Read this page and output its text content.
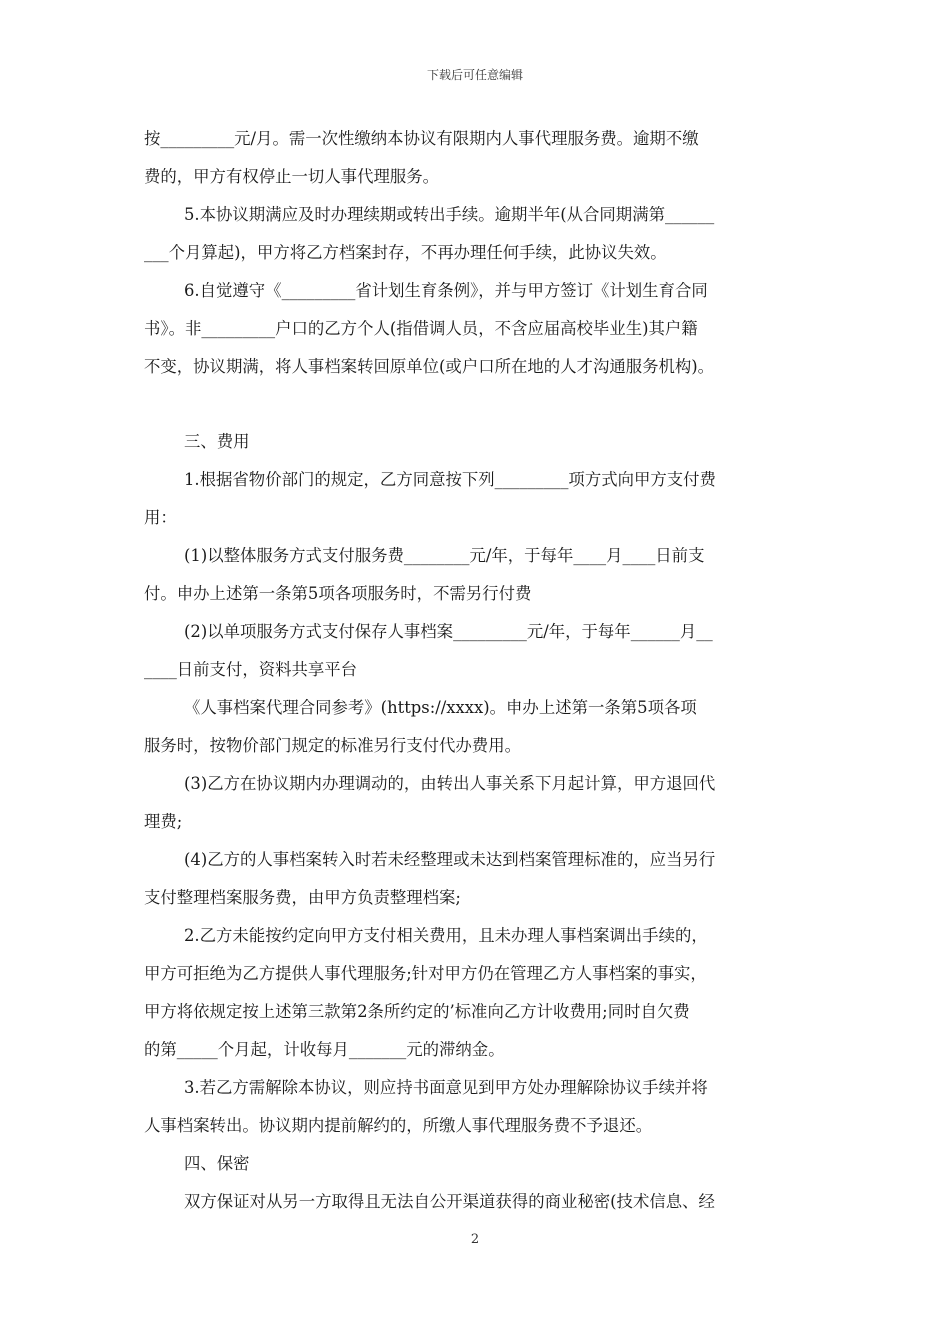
下载后可任意编辑
按_________元/月。需一次性缴纳本协议有限期内人事代理服务费。逾期不缴
费的，甲方有权停止一切人事代理服务。
5.本协议期满应及时办理续期或转出手续。逾期半年(从合同期满第______
___个月算起)，甲方将乙方档案封存，不再办理任何手续，此协议失效。
6.自觉遵守《_________省计划生育条例》，并与甲方签订《计划生育合同
书》。非_________户口的乙方个人(指借调人员，不含应届高校毕业生)其户籍
不变，协议期满，将人事档案转回原单位(或户口所在地的人才沟通服务机构)。
三、费用
1.根据省物价部门的规定，乙方同意按下列_________项方式向甲方支付费
用：
(1)以整体服务方式支付服务费________元/年，于每年____月____日前支
付。申办上述第一条第5项各项服务时，不需另行付费
(2)以单项服务方式支付保存人事档案_________元/年，于每年______月__
____日前支付，资料共享平台
《人事档案代理合同参考》(https://xxxx)。申办上述第一条第5项各项
服务时，按物价部门规定的标准另行支付代办费用。
(3)乙方在协议期内办理调动的，由转出人事关系下月起计算，甲方退回代
理费;
(4)乙方的人事档案转入时若未经整理或未达到档案管理标准的，应当另行
支付整理档案服务费，由甲方负责整理档案;
2.乙方未能按约定向甲方支付相关费用，且未办理人事档案调出手续的，
甲方可拒绝为乙方提供人事代理服务;针对甲方仍在管理乙方人事档案的事实，
甲方将依规定按上述第三款第2条所约定的’标准向乙方计收费用;同时自欠费
的第_____个月起，计收每月_______元的滞纳金。
3.若乙方需解除本协议，则应持书面意见到甲方处办理解除协议手续并将
人事档案转出。协议期内提前解约的，所缴人事代理服务费不予退还。
四、保密
双方保证对从另一方取得且无法自公开渠道获得的商业秘密(技术信息、经
2
